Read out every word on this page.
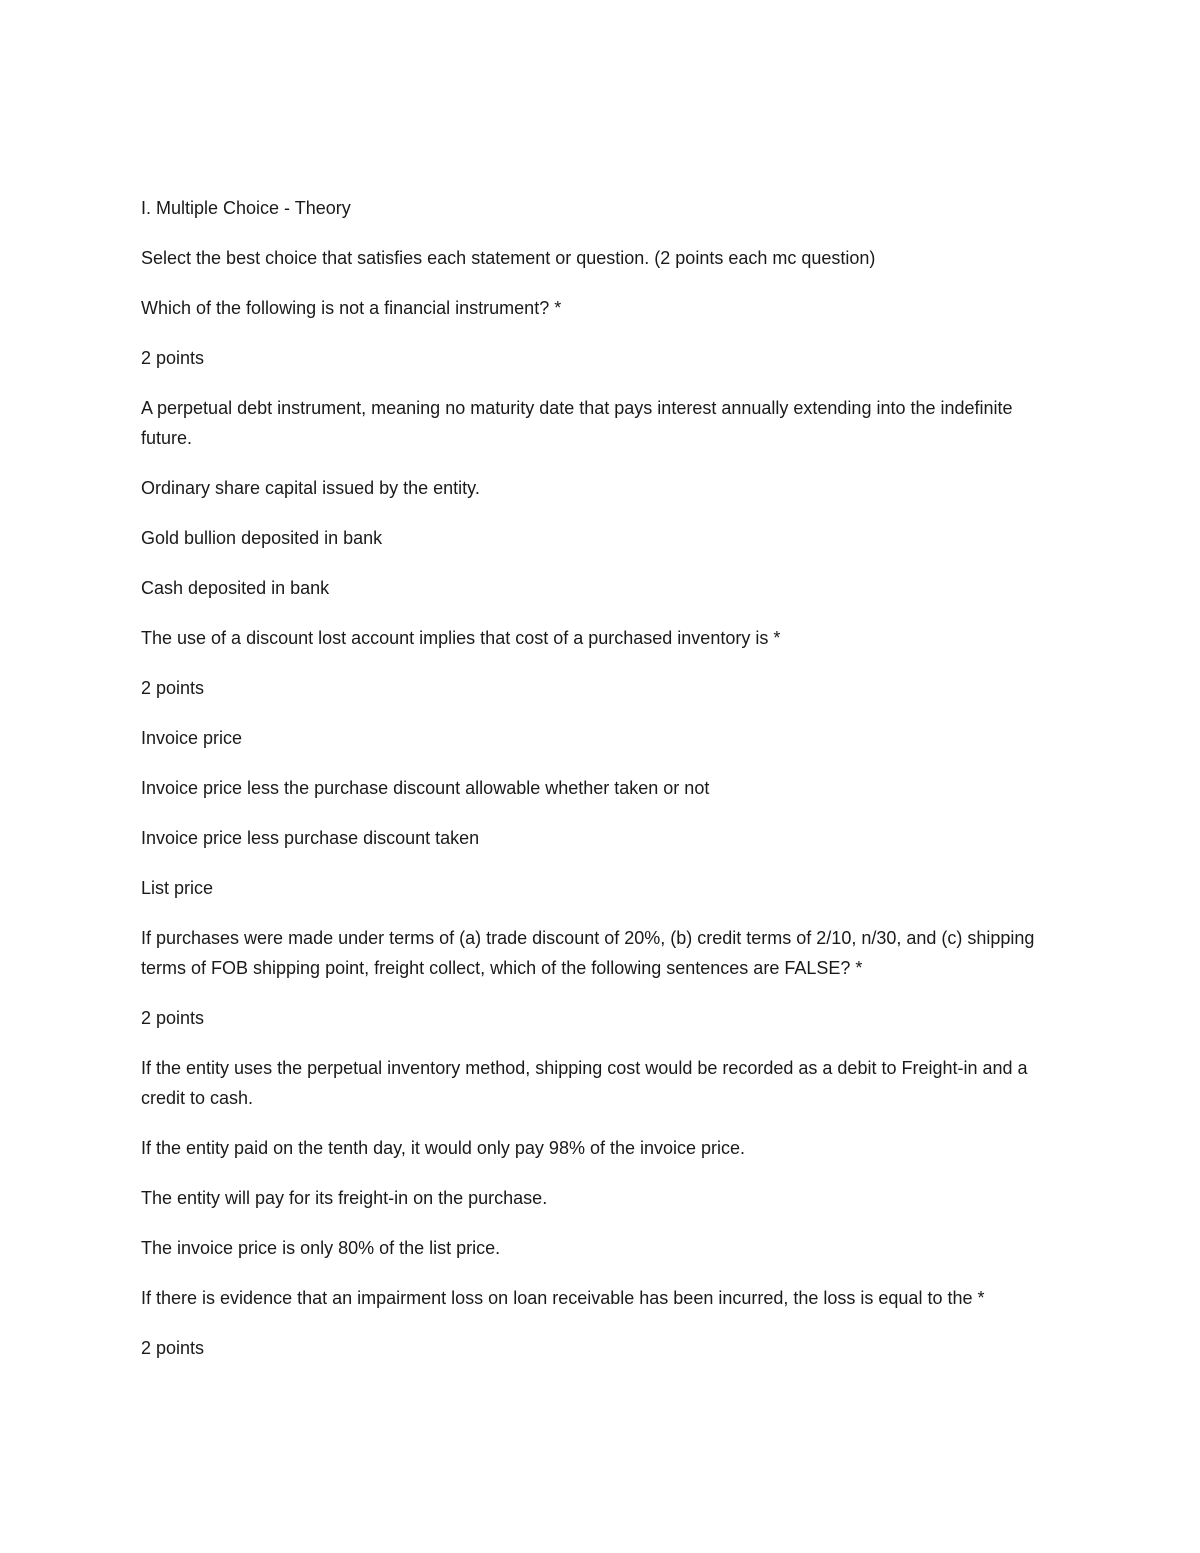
I. Multiple Choice - Theory

Select the best choice that satisfies each statement or question. (2 points each mc question)

Which of the following is not a financial instrument? *

2 points

A perpetual debt instrument, meaning no maturity date that pays interest annually extending into the indefinite future.

Ordinary share capital issued by the entity.

Gold bullion deposited in bank

Cash deposited in bank

The use of a discount lost account implies that cost of a purchased inventory is *

2 points

Invoice price

Invoice price less the purchase discount allowable whether taken or not

Invoice price less purchase discount taken

List price

If purchases were made under terms of (a) trade discount of 20%, (b) credit terms of 2/10, n/30, and (c) shipping terms of FOB shipping point, freight collect, which of the following sentences are FALSE? *

2 points

If the entity uses the perpetual inventory method, shipping cost would be recorded as a debit to Freight-in and a credit to cash.

If the entity paid on the tenth day, it would only pay 98% of the invoice price.

The entity will pay for its freight-in on the purchase.

The invoice price is only 80% of the list price.

If there is evidence that an impairment loss on loan receivable has been incurred, the loss is equal to the *

2 points
